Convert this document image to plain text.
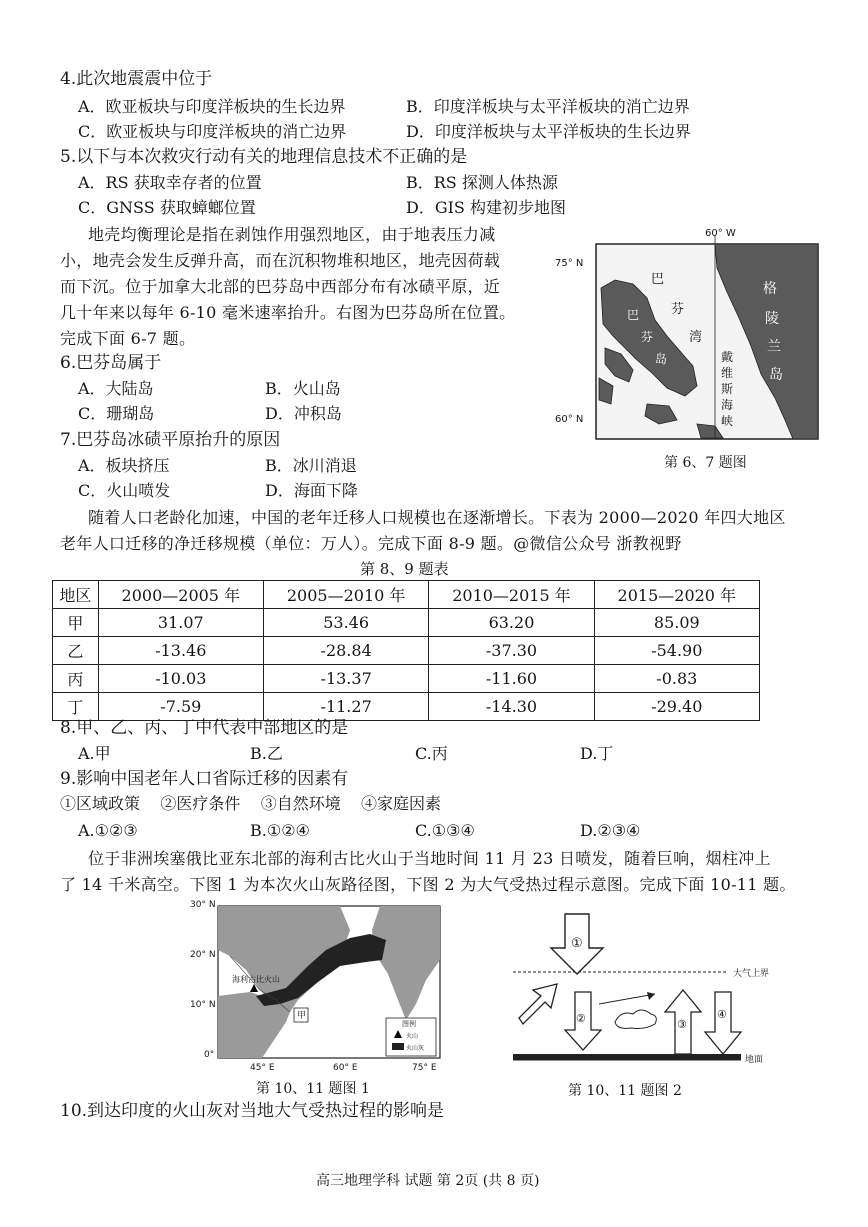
4.此次地震震中位于
A．欧亚板块与印度洋板块的生长边界	B．印度洋板块与太平洋板块的消亡边界
C．欧亚板块与印度洋板块的消亡边界	D．印度洋板块与太平洋板块的生长边界
5.以下与本次救灾行动有关的地理信息技术不正确的是
A．RS 获取幸存者的位置	B．RS 探测人体热源
C．GNSS 获取蟑螂位置	D．GIS 构建初步地图
地壳均衡理论是指在剥蚀作用强烈地区，由于地表压力减
小，地壳会发生反弹升高，而在沉积物堆积地区，地壳因荷载
而下沉。位于加拿大北部的巴芬岛中西部分布有冰碛平原，近
几十年来以每年 6-10 毫米速率抬升。右图为巴芬岛所在位置。
完成下面 6-7 题。
60° W
75° N
60° N
巴
芬
湾
巴
芬
岛
格
陵
兰
岛
戴
维
斯
海
峡
第 6、7 题图
6.巴芬岛属于
A．大陆岛	B．火山岛
C．珊瑚岛	D．冲积岛
7.巴芬岛冰碛平原抬升的原因
A．板块挤压	B．冰川消退
C．火山喷发	D．海面下降
随着人口老龄化加速，中国的老年迁移人口规模也在逐渐增长。下表为 2000—2020 年四大地区
老年人口迁移的净迁移规模（单位：万人）。完成下面 8-9 题。@微信公众号 浙教视野
第 8、9 题表
地区	2000—2005 年	2005—2010 年	2010—2015 年	2015—2020 年
甲	31.07	53.46	63.20	85.09
乙	-13.46	-28.84	-37.30	-54.90
丙	-10.03	-13.37	-11.60	-0.83
丁	-7.59	-11.27	-14.30	-29.40
8.甲、乙、丙、丁中代表中部地区的是
A.甲	B.乙	C.丙	D.丁
9.影响中国老年人口省际迁移的因素有
①区域政策    ②医疗条件    ③自然环境    ④家庭因素
A.①②③	B.①②④	C.①③④	D.②③④
位于非洲埃塞俄比亚东北部的海利古比火山于当地时间 11 月 23 日喷发，随着巨响，烟柱冲上
了 14 千米高空。下图 1 为本次火山灰路径图，下图 2 为大气受热过程示意图。完成下面 10-11 题。
30° N
20° N
10° N
0°
海利古比火山
甲
图例
火山
火山灰
45° E	60° E	75° E
第 10、11 题图 1
①
②	③
④
大气上界
地面
第 10、11 题图 2
10.到达印度的火山灰对当地大气受热过程的影响是
高三地理学科 试题 第 2页 (共 8 页)
